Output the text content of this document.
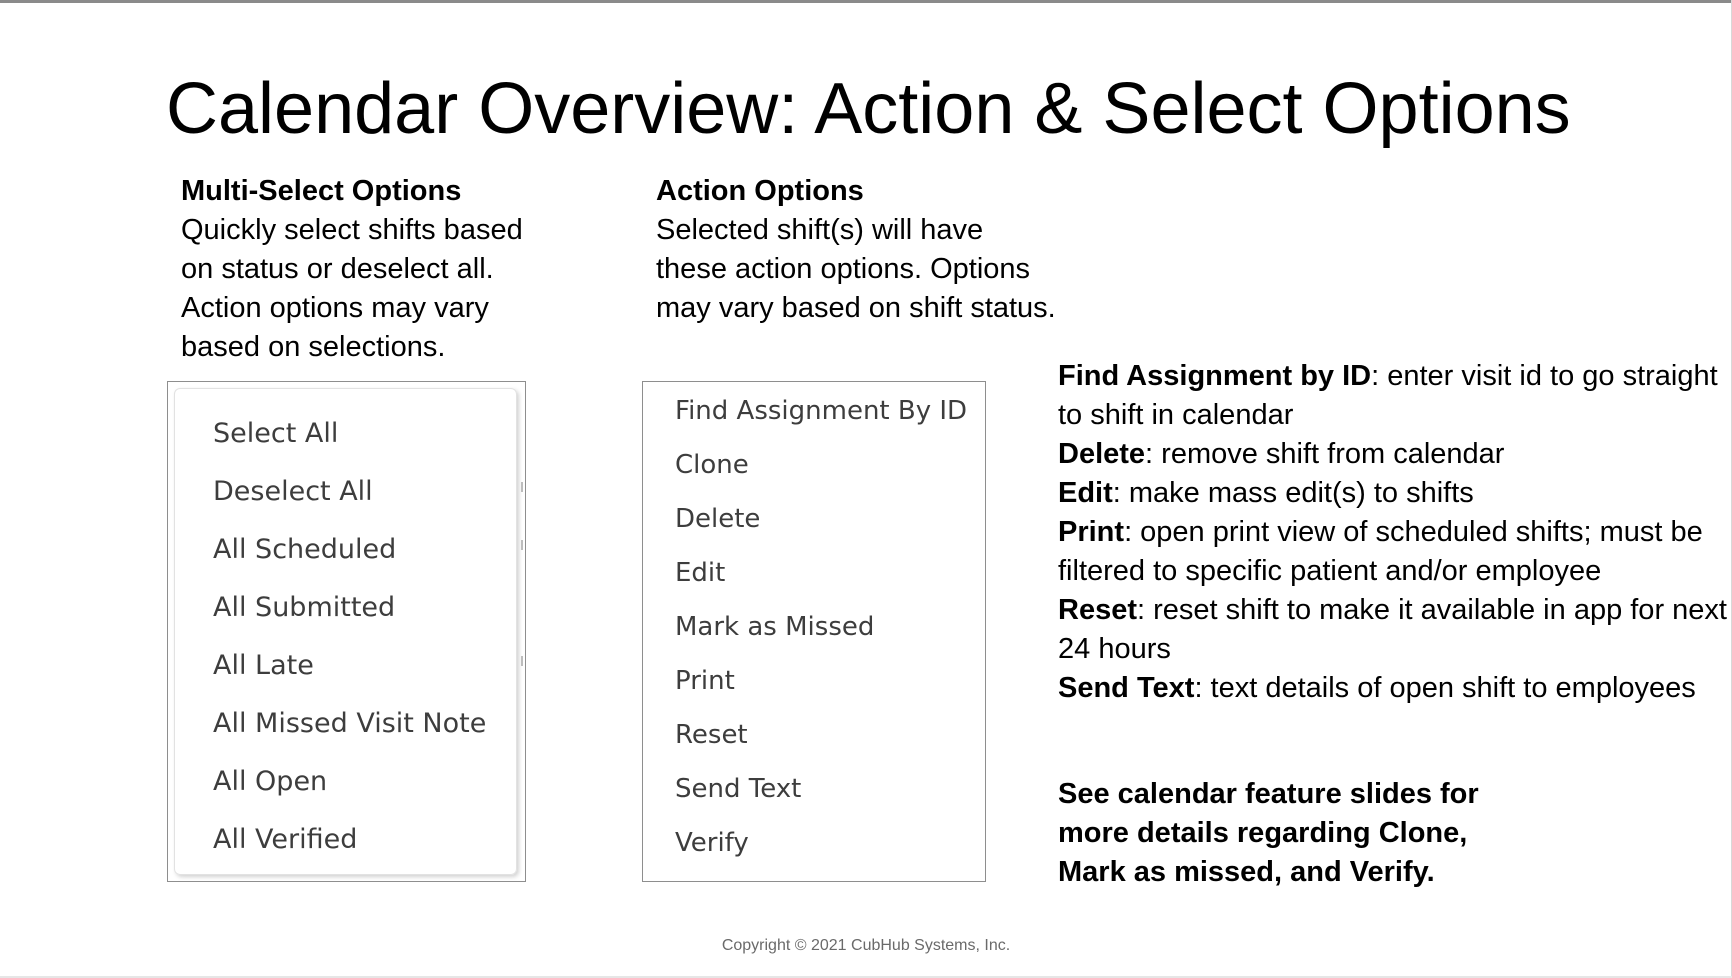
Calendar Overview: Action & Select Options
Multi-Select Options
Quickly select shifts based on status or deselect all. Action options may vary based on selections.
Select All
Deselect All
All Scheduled
All Submitted
All Late
All Missed Visit Note
All Open
All Verified
Action Options
Selected shift(s) will have these action options. Options may vary based on shift status.
Find Assignment By ID
Clone
Delete
Edit
Mark as Missed
Print
Reset
Send Text
Verify

Find Assignment by ID: enter visit id to go straight to shift in calendar

Delete: remove shift from calendar

Edit: make mass edit(s) to shifts

Print: open print view of scheduled shifts; must be filtered to specific patient and/or employee

Reset: reset shift to make it available in app for next 24 hours

Send Text: text details of open shift to employees

See calendar feature slides for more details regarding Clone, Mark as missed, and Verify.
Copyright © 2021 CubHub Systems, Inc.
